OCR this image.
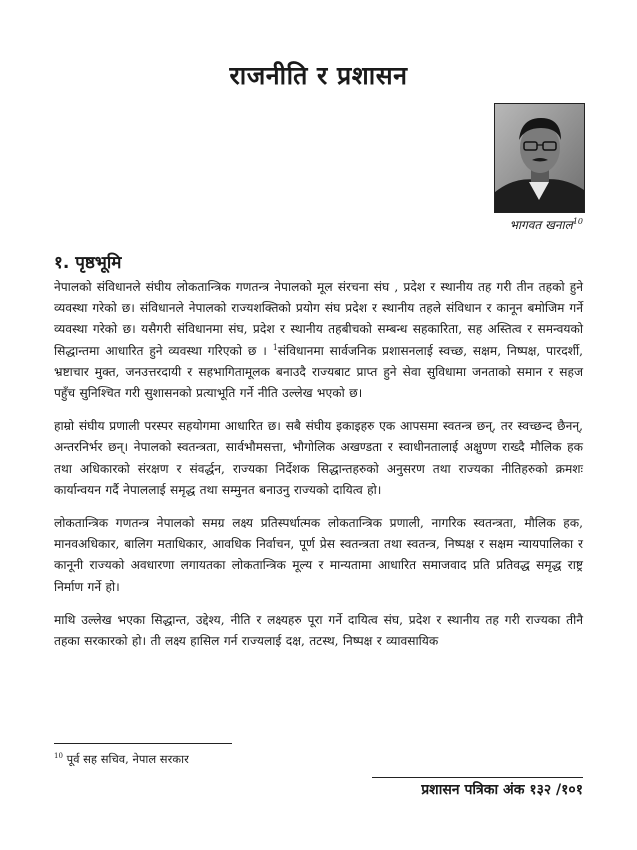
राजनीति र प्रशासन
भागवत खनाल$^{10}$
१. पृष्ठभूमि

नेपालको संविधानले संघीय लोकतान्त्रिक गणतन्त्र नेपालको मूल संरचना संघ , प्रदेश र स्थानीय तह गरी तीन तहको हुने व्यवस्था गरेको छ। संविधानले नेपालको राज्यशक्तिको प्रयोग संघ प्रदेश र स्थानीय तहले संविधान र कानून बमोजिम गर्ने व्यवस्था गरेको छ। यसैगरी संविधानमा संघ, प्रदेश र स्थानीय तहबीचको सम्बन्ध सहकारिता, सह अस्तित्व र समन्वयको सिद्धान्तमा आधारित हुने व्यवस्था गरिएको छ । $^1$संविधानमा सार्वजनिक प्रशासनलाई स्वच्छ, सक्षम, निष्पक्ष, पारदर्शी, भ्रष्टाचार मुक्त, जनउत्तरदायी र सहभागितामूलक बनाउदै राज्यबाट प्राप्त हुने सेवा सुविधामा जनताको समान र सहज पहुँच सुनिश्चित गरी सुशासनको प्रत्याभूति गर्ने नीति उल्लेख भएको छ।

हाम्रो संघीय प्रणाली परस्पर सहयोगमा आधारित छ। सबै संघीय इकाइहरु एक आपसमा स्वतन्त्र छन्, तर स्वच्छन्द छैनन्, अन्तरनिर्भर छन्। नेपालको स्वतन्त्रता, सार्वभौमसत्ता, भौगोलिक अखण्डता र स्वाधीनतालाई अक्षुण्ण राख्दै मौलिक हक तथा अधिकारको संरक्षण र संवर्द्धन, राज्यका निर्देशक सिद्धान्तहरुको अनुसरण तथा राज्यका नीतिहरुको क्रमशः कार्यान्वयन गर्दै नेपाललाई समृद्ध तथा सम्मुनत बनाउनु राज्यको दायित्व हो।

लोकतान्त्रिक गणतन्त्र नेपालको समग्र लक्ष्य प्रतिस्पर्धात्मक लोकतान्त्रिक प्रणाली, नागरिक स्वतन्त्रता, मौलिक हक, मानवअधिकार, बालिग मताधिकार, आवधिक निर्वाचन, पूर्ण प्रेस स्वतन्त्रता तथा स्वतन्त्र, निष्पक्ष र सक्षम न्यायपालिका र कानूनी राज्यको अवधारणा लगायतका लोकतान्त्रिक मूल्य र मान्यतामा आधारित समाजवाद प्रति प्रतिवद्ध समृद्ध राष्ट्र निर्माण गर्ने हो।

माथि उल्लेख भएका सिद्धान्त, उद्देश्य, नीति र लक्ष्यहरु पूरा गर्ने दायित्व संघ, प्रदेश र स्थानीय तह गरी राज्यका तीनै तहका सरकारको हो। ती लक्ष्य हासिल गर्न राज्यलाई दक्ष, तटस्थ, निष्पक्ष र व्यावसायिक

$^{10}$ पूर्व सह सचिव, नेपाल सरकार
प्रशासन पत्रिका अंक १३२ /१०१
